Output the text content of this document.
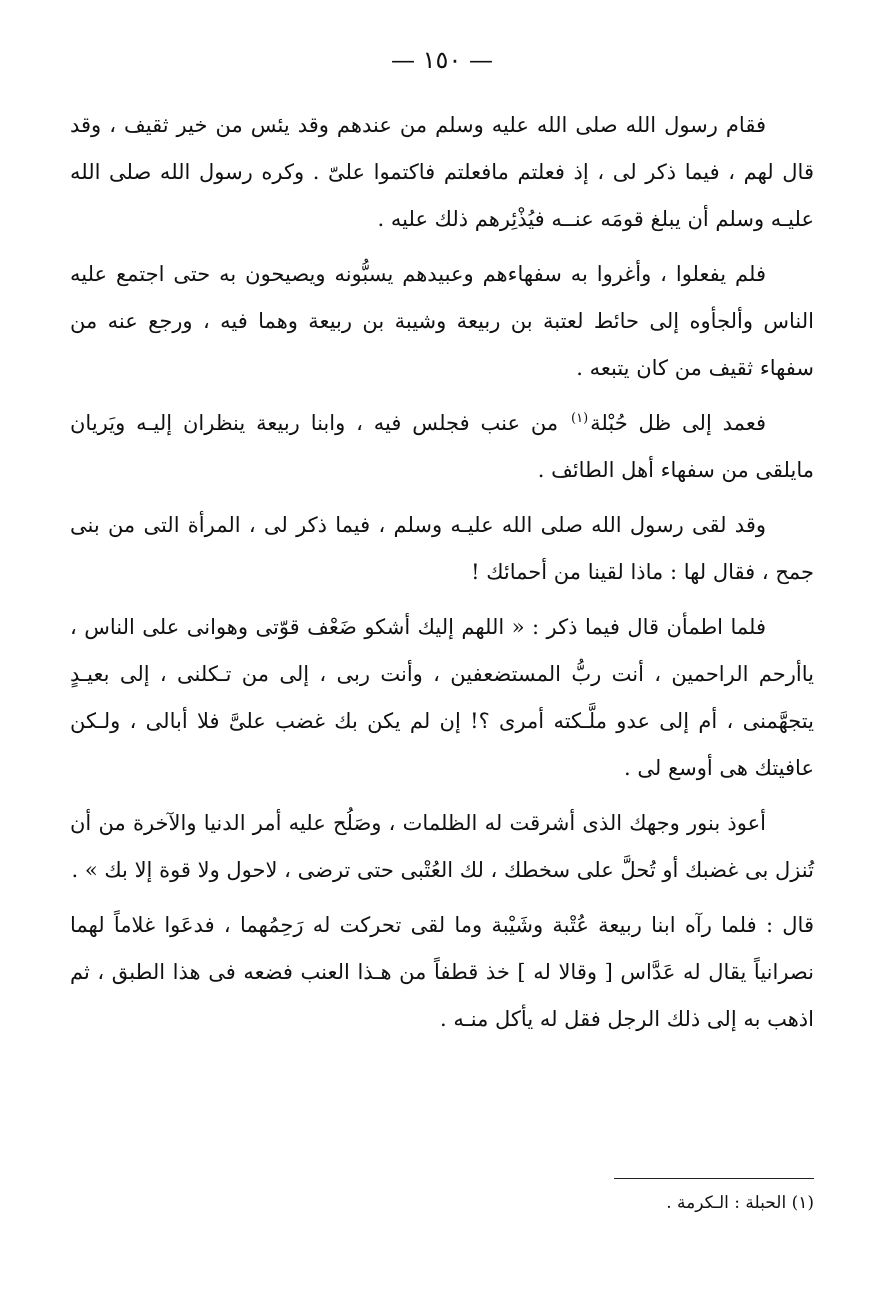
— ١٥٠ —

فقام رسول الله صلى الله عليه وسلم من عندهم وقد يئس من خير ثقيف ، وقد قال لهم ، فيما ذكر لى ، إذ فعلتم مافعلتم فاكتموا علىّ . وكره رسول الله صلى الله عليـه وسلم أن يبلغ قومَه عنــه فيُذْئِرهم ذلك عليه .

فلم يفعلوا ، وأغروا به سفهاءهم وعبيدهم يسبُّونه ويصيحون به حتى اجتمع عليه الناس وألجأوه إلى حائط لعتبة بن ربيعة وشيبة بن ربيعة وهما فيه ، ورجع عنه من سفهاء ثقيف من كان يتبعه .

فعمد إلى ظل حُبْلة$^{(١)}$ من عنب فجلس فيه ، وابنا ربيعة ينظران إليـه ويَريان مايلقى من سفهاء أهل الطائف .

وقد لقى رسول الله صلى الله عليـه وسلم ، فيما ذكر لى ، المرأة التى من بنى جمح ، فقال لها : ماذا لقينا من أحمائك !

فلما اطمأن قال فيما ذكر : « اللهم إليك أشكو ضَعْف قوّتى وهوانى على الناس ، ياأرحم الراحمين ، أنت ربُّ المستضعفين ، وأنت ربى ، إلى من تـكلنى ، إلى بعيـدٍ يتجهَّمنى ، أم إلى عدو ملَّـكته أمرى ؟! إن لم يكن بك غضب علىَّ فلا أبالى ، ولـكن عافيتك هى أوسع لى .

أعوذ بنور وجهك الذى أشرقت له الظلمات ، وصَلُح عليه أمر الدنيا والآخرة من أن تُنزل بى غضبك أو تُحلَّ على سخطك ، لك العُتْبى حتى ترضى ، لاحول ولا قوة إلا بك » .

قال : فلما رآه ابنا ربيعة عُتْبة وشَيْبة وما لقى تحركت له رَحِمُهما ، فدعَوا غلاماً لهما نصرانياً يقال له عَدَّاس [ وقالا له ] خذ قطفاً من هـذا العنب فضعه فى هذا الطبق ، ثم اذهب به إلى ذلك الرجل فقل له يأكل منـه .

(١) الحبلة : الـكرمة .
